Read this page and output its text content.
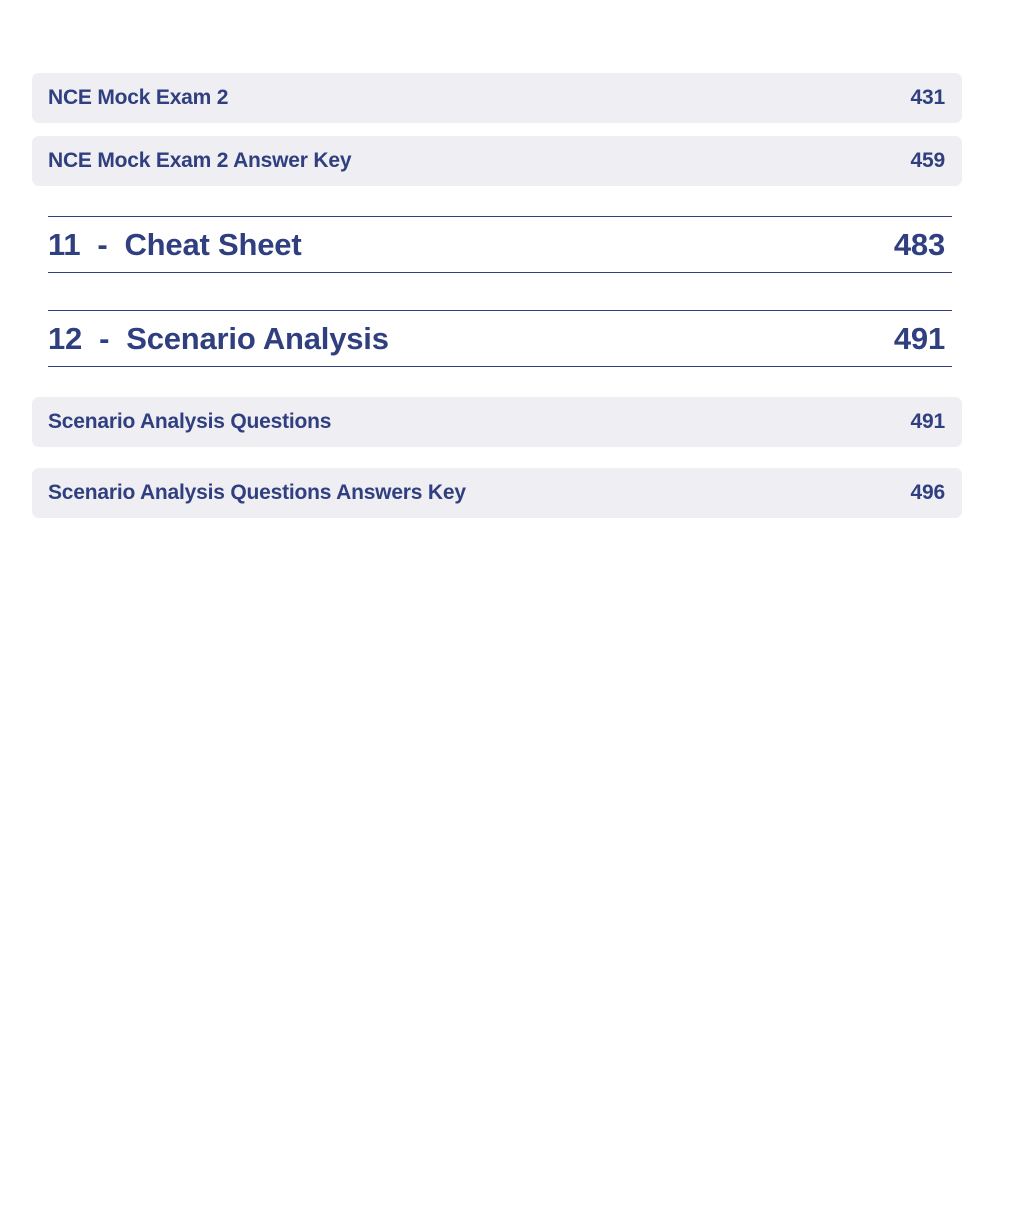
NCE Mock Exam 2	431
NCE Mock Exam 2 Answer Key	459
11 - Cheat Sheet	483
12 - Scenario Analysis	491
Scenario Analysis Questions	491
Scenario Analysis Questions Answers Key	496
